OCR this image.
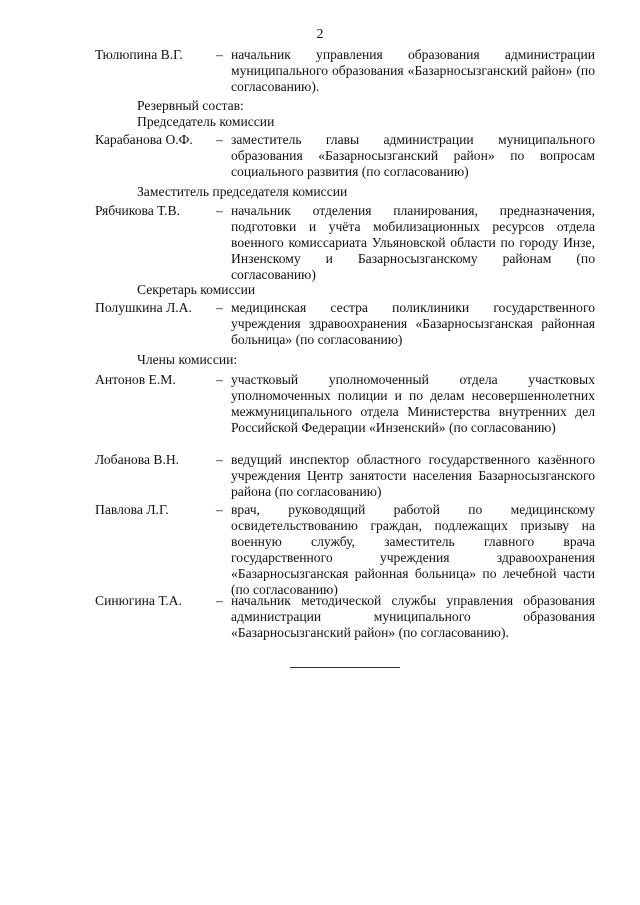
2
Тюлюпина В.Г. – начальник управления образования администрации муниципального образования «Базарносызганский район» (по согласованию).
Резервный состав:
Председатель комиссии
Карабанова О.Ф. – заместитель главы администрации муниципального образования «Базарносызганский район» по вопросам социального развития (по согласованию)
Заместитель председателя комиссии
Рябчикова Т.В.	– начальник отделения планирования, предназначения, подготовки и учёта мобилизационных ресурсов отдела военного комиссариата Ульяновской области по городу Инзе, Инзенскому и Базарносызганскому районам (по согласованию)
Секретарь комиссии
Полушкина Л.А. – медицинская сестра поликлиники государственного учреждения здравоохранения «Базарносызганская районная больница» (по согласованию)
Члены комиссии:
Антонов Е.М.	– участковый уполномоченный отдела участковых уполномоченных полиции и по делам несовершеннолетних межмуниципального отдела Министерства внутренних дел Российской Федерации «Инзенский» (по согласованию)
Лобанова В.Н.	– ведущий инспектор областного государственного казённого учреждения Центр занятости населения Базарносызганского района (по согласованию)
Павлова Л.Г.	– врач, руководящий работой по медицинскому освидетельствованию граждан, подлежащих призыву на военную службу, заместитель главного врача государственного учреждения здравоохранения «Базарносызганская районная больница» по лечебной части (по согласованию)
Синюгина Т.А.	– начальник методической службы управления образования администрации муниципального образования «Базарносызганский район» (по согласованию).
